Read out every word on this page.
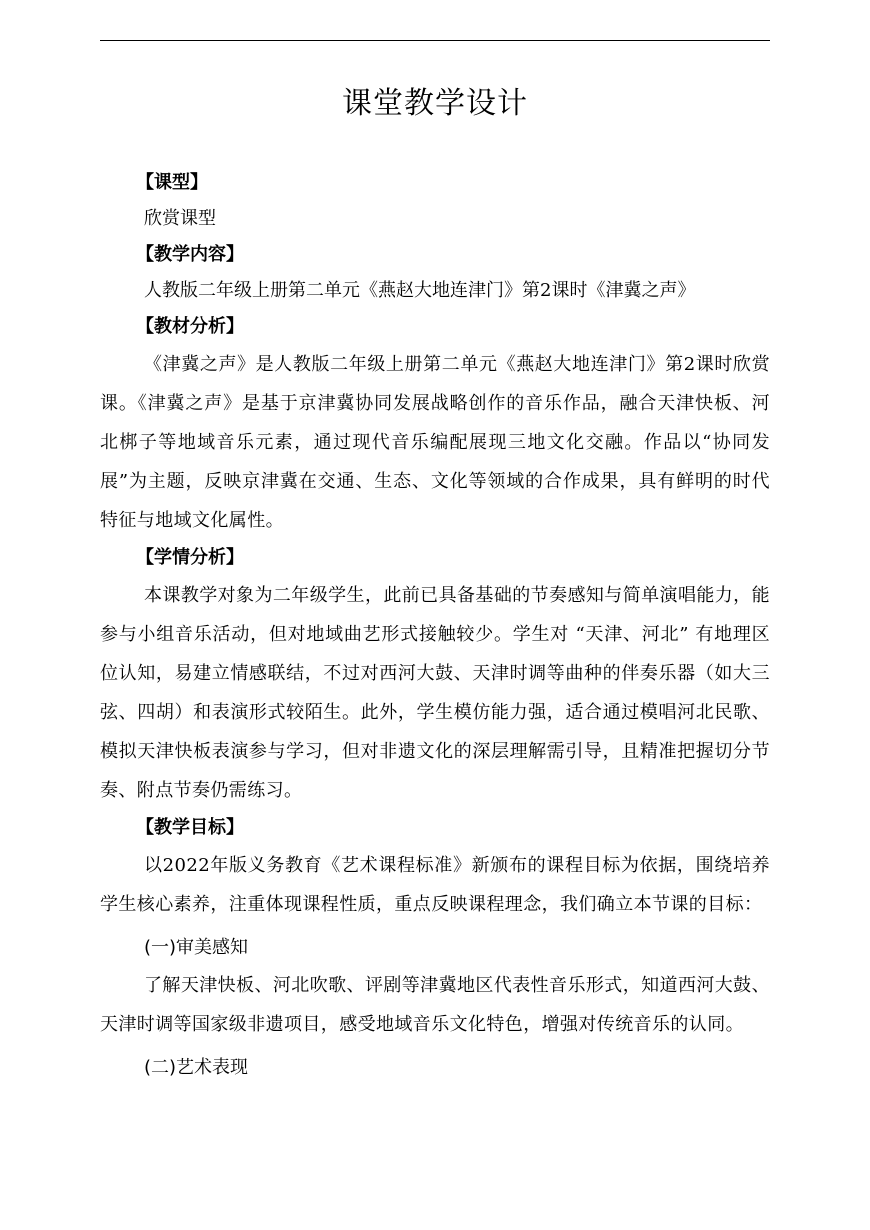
课堂教学设计

【课型】

欣赏课型

【教学内容】

人教版二年级上册第二单元《燕赵大地连津门》第2课时《津冀之声》

【教材分析】

《津冀之声》是人教版二年级上册第二单元《燕赵大地连津门》第2课时欣赏课。《津冀之声》是基于京津冀协同发展战略创作的音乐作品，融合天津快板、河北梆子等地域音乐元素，通过现代音乐编配展现三地文化交融。作品以“协同发展”为主题，反映京津冀在交通、生态、文化等领域的合作成果，具有鲜明的时代特征与地域文化属性。

【学情分析】

本课教学对象为二年级学生，此前已具备基础的节奏感知与简单演唱能力，能参与小组音乐活动，但对地域曲艺形式接触较少。学生对 “天津、河北” 有地理区位认知，易建立情感联结，不过对西河大鼓、天津时调等曲种的伴奏乐器（如大三弦、四胡）和表演形式较陌生。此外，学生模仿能力强，适合通过模唱河北民歌、模拟天津快板表演参与学习，但对非遗文化的深层理解需引导，且精准把握切分节奏、附点节奏仍需练习。

【教学目标】

以2022年版义务教育《艺术课程标准》新颁布的课程目标为依据，围绕培养学生核心素养，注重体现课程性质，重点反映课程理念，我们确立本节课的目标：

(一)审美感知

了解天津快板、河北吹歌、评剧等津冀地区代表性音乐形式，知道西河大鼓、天津时调等国家级非遗项目，感受地域音乐文化特色，增强对传统音乐的认同。

(二)艺术表现
